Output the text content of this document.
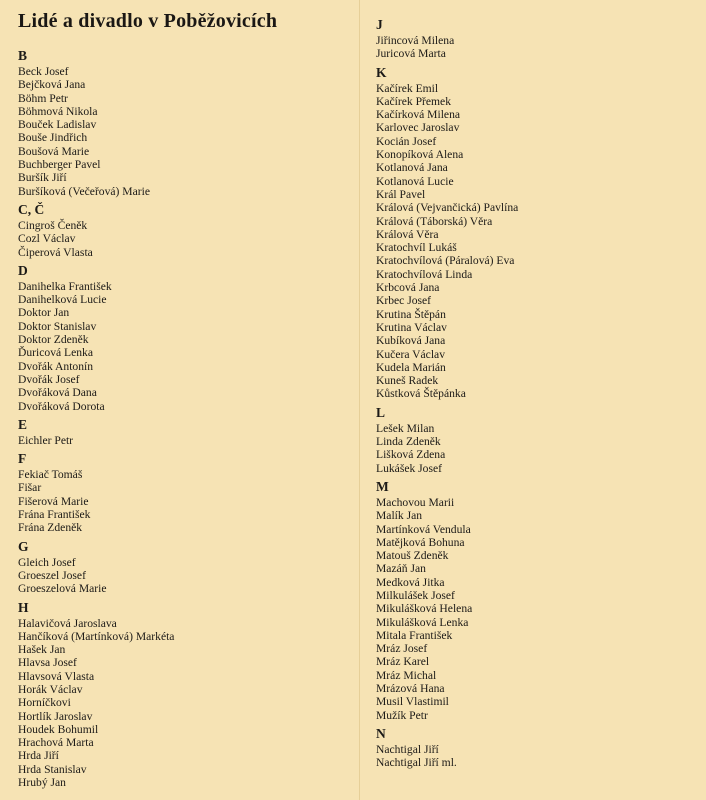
Lidé a divadlo v Poběžovicích
B
Beck Josef
Bejčková Jana
Böhm Petr
Böhmová Nikola
Bouček Ladislav
Bouše Jindřich
Boušová Marie
Buchberger Pavel
Buršík Jiří
Buršíková (Večeřová) Marie
C, Č
Cingroš Čeněk
Cozl Václav
Čiperová Vlasta
D
Danihelka František
Danihelková Lucie
Doktor Jan
Doktor Stanislav
Doktor Zdeněk
Ďuricová Lenka
Dvořák Antonín
Dvořák Josef
Dvořáková Dana
Dvořáková Dorota
E
Eichler Petr
F
Fekiač Tomáš
Fišar
Fišerová Marie
Frána František
Frána Zdeněk
G
Gleich Josef
Groeszel Josef
Groeszelová Marie
H
Halavičová Jaroslava
Hančíková (Martínková) Markéta
Hašek Jan
Hlavsa Josef
Hlavsová Vlasta
Horák Václav
Horníčkovi
Hortlík Jaroslav
Houdek Bohumil
Hrachová Marta
Hrda Jiří
Hrda Stanislav
Hrubý Jan
J
Jiřincová Milena
Juricová Marta
K
Kačírek Emil
Kačírek Přemek
Kačírková Milena
Karlovec Jaroslav
Kocián Josef
Konopíková Alena
Kotlanová Jana
Kotlanová Lucie
Král Pavel
Králová (Vejvančická) Pavlína
Králová (Táborská) Věra
Králová Věra
Kratochvíl Lukáš
Kratochvílová (Páralová) Eva
Kratochvílová Linda
Krbcová Jana
Krbec Josef
Krutina Štěpán
Krutina Václav
Kubíková Jana
Kučera Václav
Kudela Marián
Kuneš Radek
Kůstková Štěpánka
L
Lešek Milan
Linda Zdeněk
Lišková Zdena
Lukášek Josef
M
Machovou Marii
Malík Jan
Martínková Vendula
Matějková Bohuna
Matouš Zdeněk
Mazáň Jan
Medková Jitka
Milkulášek Josef
Mikulášková Helena
Mikulášková Lenka
Mitala František
Mráz Josef
Mráz Karel
Mráz Michal
Mrázová Hana
Musil Vlastimil
Mužík Petr
N
Nachtigal Jiří
Nachtigal Jiří ml.
